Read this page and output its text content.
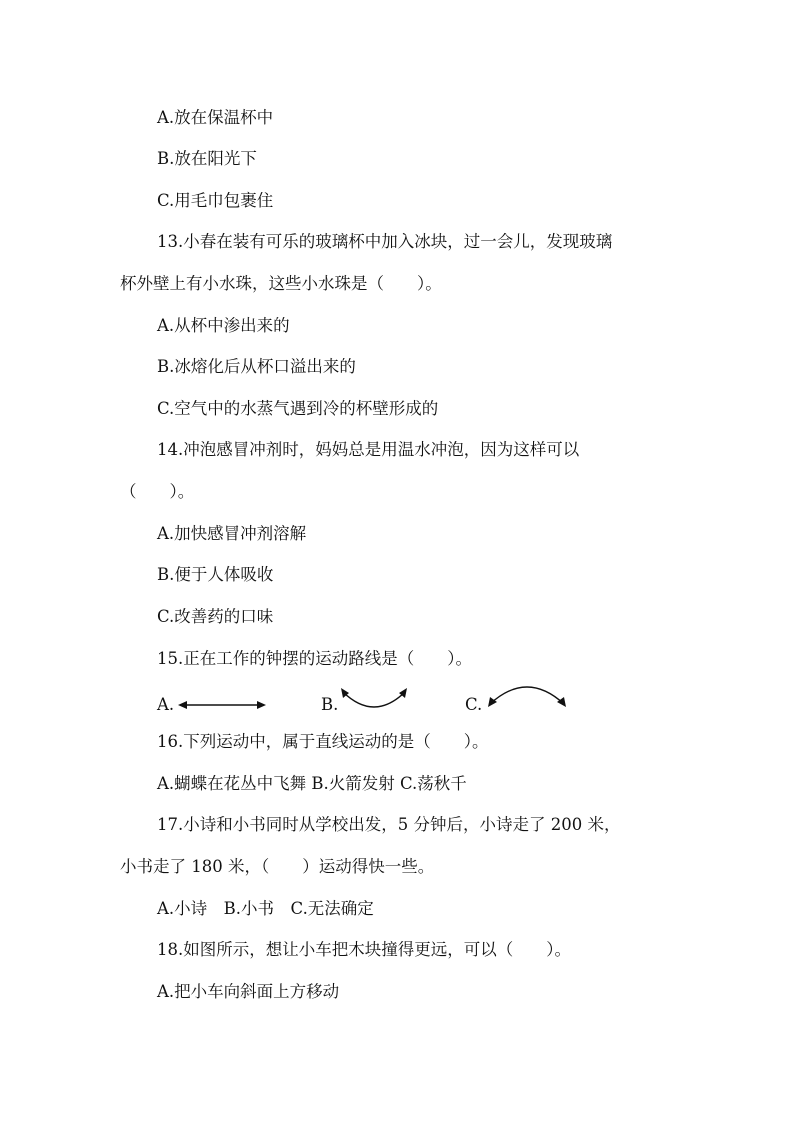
A.放在保温杯中
B.放在阳光下
C.用毛巾包裹住
13.小春在装有可乐的玻璃杯中加入冰块，过一会儿，发现玻璃
杯外壁上有小水珠，这些小水珠是（　　）。
A.从杯中渗出来的
B.冰熔化后从杯口溢出来的
C.空气中的水蒸气遇到冷的杯壁形成的
14.冲泡感冒冲剂时，妈妈总是用温水冲泡，因为这样可以
（　　）。
A.加快感冒冲剂溶解
B.便于人体吸收
C.改善药的口味
15.正在工作的钟摆的运动路线是（　　）。
A.	B.	C.
16.下列运动中，属于直线运动的是（　　）。
A.蝴蝶在花丛中飞舞 B.火箭发射 C.荡秋千
17.小诗和小书同时从学校出发，5 分钟后，小诗走了 200 米，
小书走了 180 米，（　　）运动得快一些。
A.小诗　B.小书　C.无法确定
18.如图所示，想让小车把木块撞得更远，可以（　　）。
A.把小车向斜面上方移动
